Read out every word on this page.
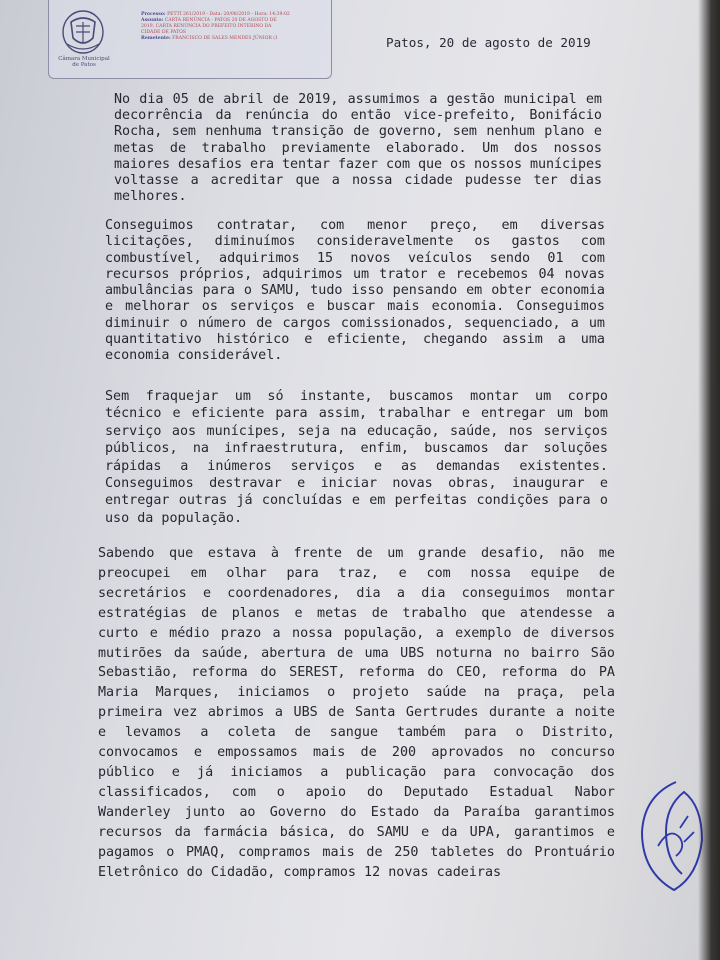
Câmara Municipal
de Patos
Processo: PETTI 261/2019 - Data: 20/08/2019 - Hora: 14:39:02
Assunto: CARTA RENÚNCIA - PATOS 20 DE AGOSTO DE
2019, CARTA RENÚNCIA DO PREFEITO INTERINO DA
CIDADE DE PATOS
Remetente: FRANCISCO DE SALES MENDES JÚNIOR (1	Patos, 20 de agosto de 2019
No dia 05 de abril de 2019, assumimos a gestão municipal em
decorrência da renúncia do então vice-prefeito, Bonifácio
Rocha, sem nenhuma transição de governo, sem nenhum plano e
metas de trabalho previamente elaborado. Um dos nossos
maiores desafios era tentar fazer com que os nossos munícipes
voltasse a acreditar que a nossa cidade pudesse ter dias
melhores.
Conseguimos contratar, com menor preço, em diversas
licitações, diminuímos consideravelmente os gastos com
combustível, adquirimos 15 novos veículos sendo 01 com
recursos próprios, adquirimos um trator e recebemos 04 novas
ambulâncias para o SAMU, tudo isso pensando em obter economia
e melhorar os serviços e buscar mais economia. Conseguimos
diminuir o número de cargos comissionados, sequenciado, a um
quantitativo histórico e eficiente, chegando assim a uma
economia considerável.
Sem fraquejar um só instante, buscamos montar um corpo
técnico e eficiente para assim, trabalhar e entregar um bom
serviço aos munícipes, seja na educação, saúde, nos serviços
públicos, na infraestrutura, enfim, buscamos dar soluções
rápidas a inúmeros serviços e as demandas existentes.
Conseguimos destravar e iniciar novas obras, inaugurar e
entregar outras já concluídas e em perfeitas condições para o
uso da população.
Sabendo que estava à frente de um grande desafio, não me
preocupei em olhar para traz, e com nossa equipe de
secretários e coordenadores, dia a dia conseguimos montar
estratégias de planos e metas de trabalho que atendesse a
curto e médio prazo a nossa população, a exemplo de diversos
mutirões da saúde, abertura de uma UBS noturna no bairro São
Sebastião, reforma do SEREST, reforma do CEO, reforma do PA
Maria Marques, iniciamos o projeto saúde na praça, pela
primeira vez abrimos a UBS de Santa Gertrudes durante a noite
e levamos a coleta de sangue também para o Distrito,
convocamos e empossamos mais de 200 aprovados no concurso
público e já iniciamos a publicação para convocação dos
classificados, com o apoio do Deputado Estadual Nabor
Wanderley junto ao Governo do Estado da Paraíba garantimos
recursos da farmácia básica, do SAMU e da UPA, garantimos e
pagamos o PMAQ, compramos mais de 250 tabletes do Prontuário
Eletrônico do Cidadão, compramos 12 novas cadeiras
